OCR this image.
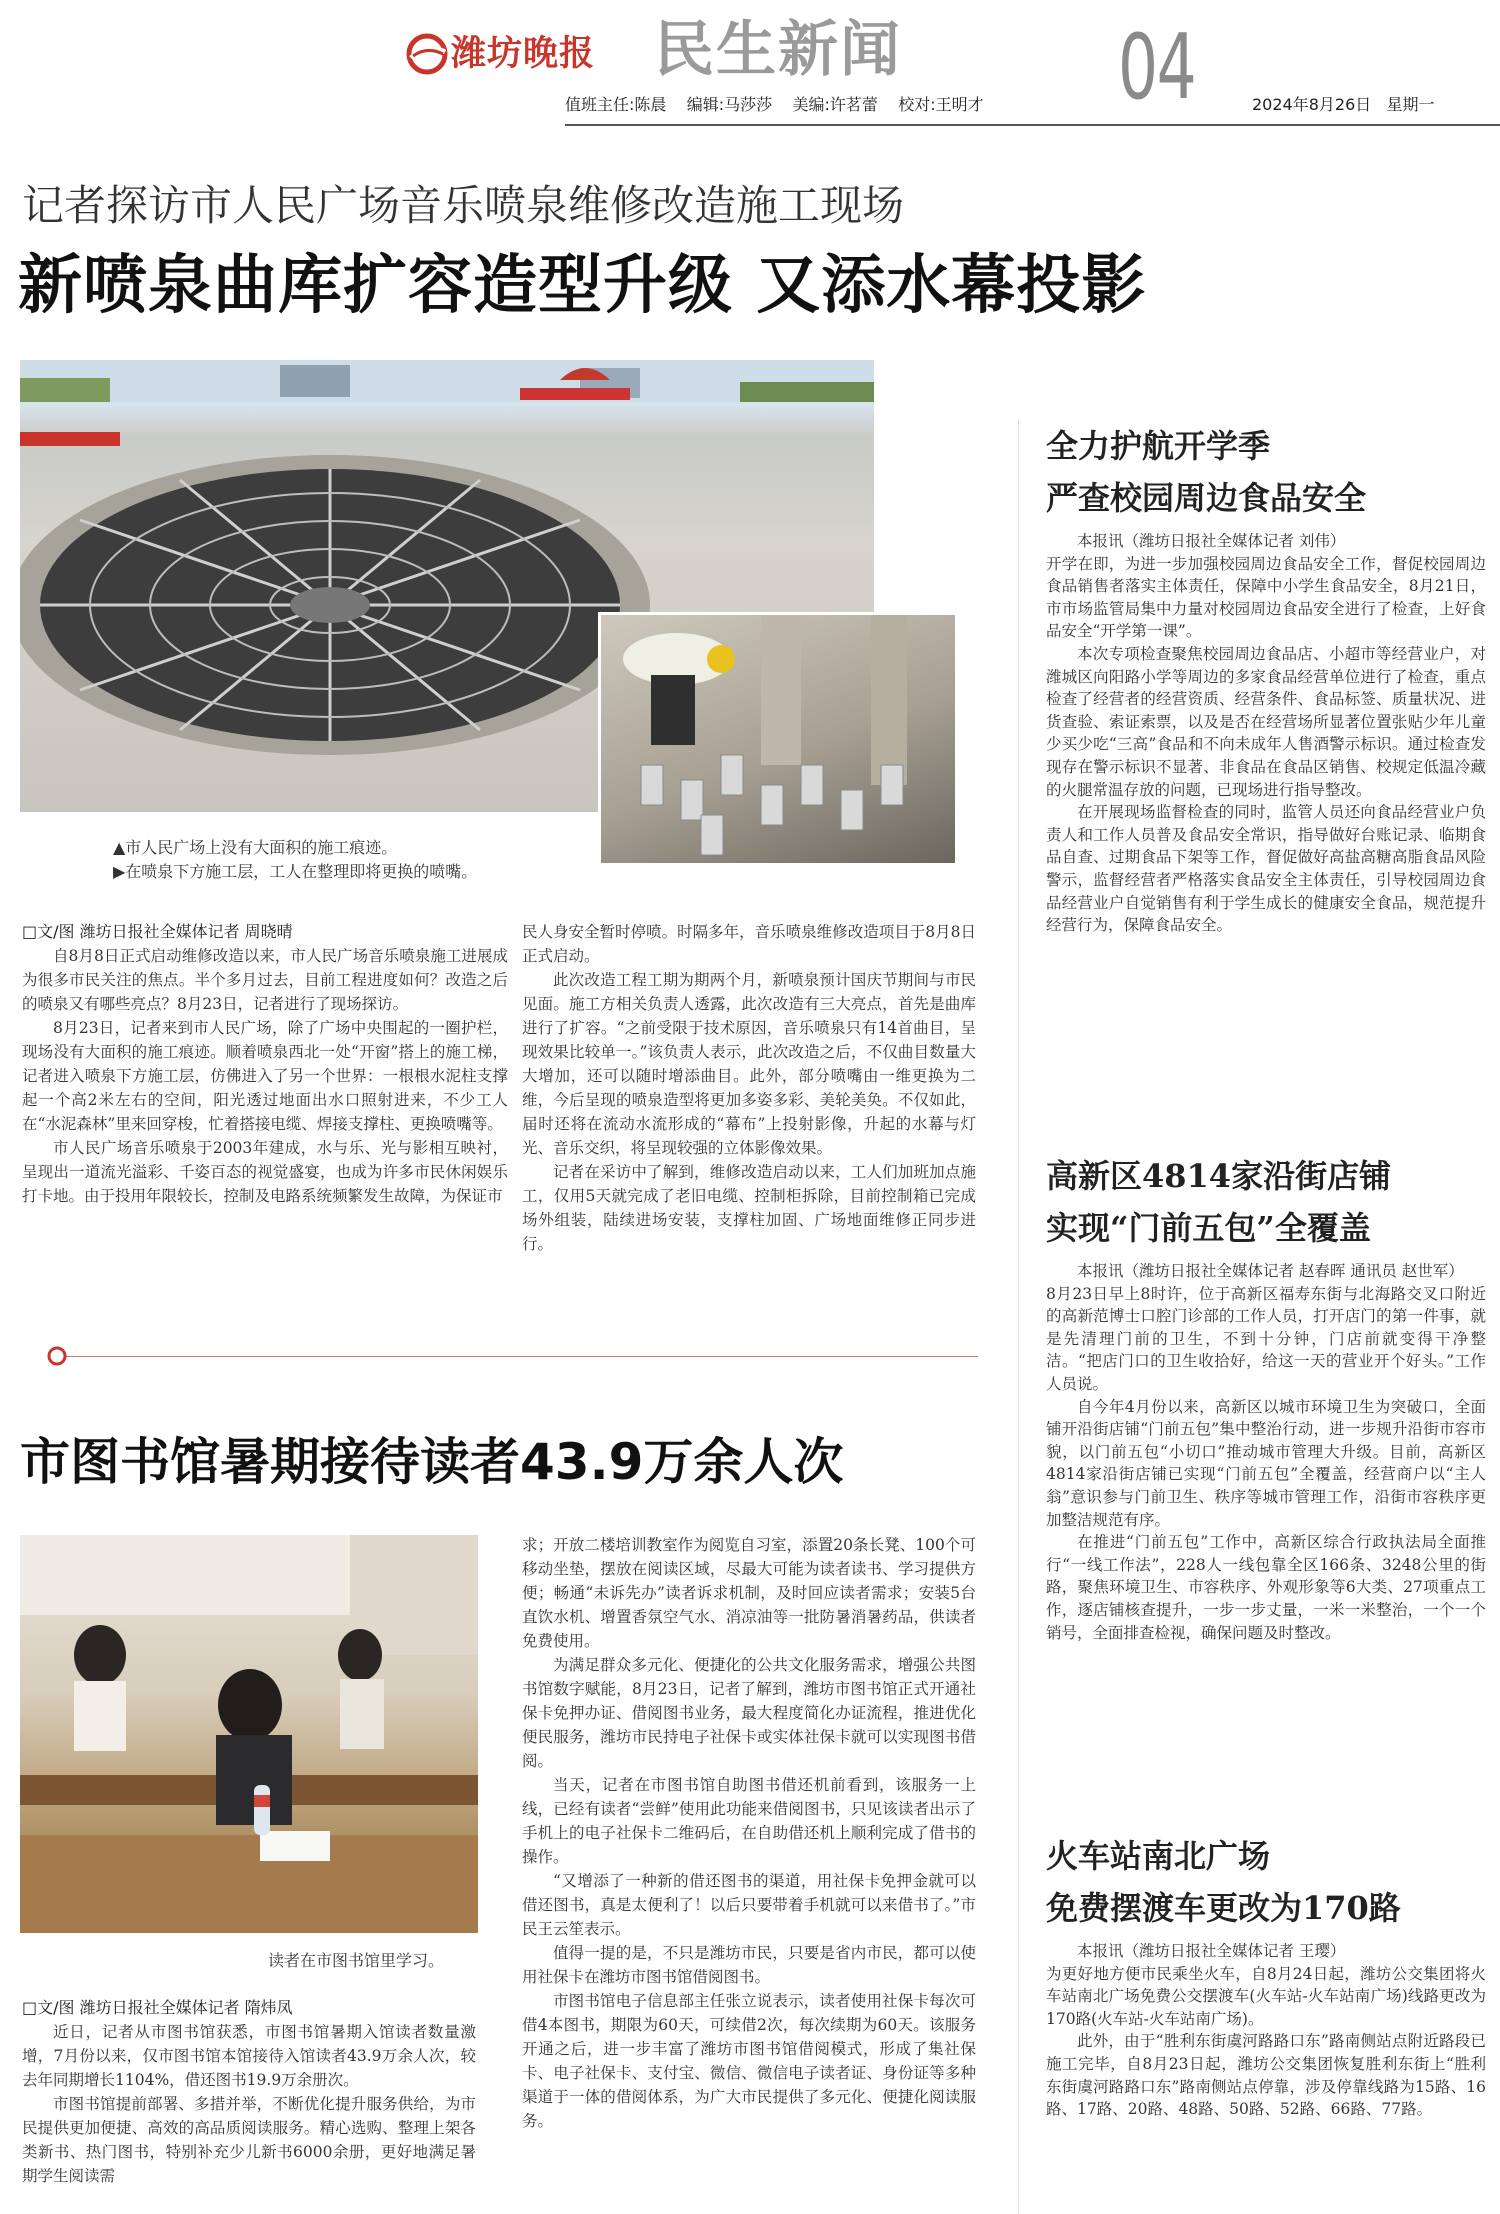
潍坊晚报 民生新闻 04
值班主任:陈晨 编辑:马莎莎 美编:许茗蕾 校对:王明才	2024年8月26日 星期一
记者探访市人民广场音乐喷泉维修改造施工现场
新喷泉曲库扩容造型升级 又添水幕投影
▲市人民广场上没有大面积的施工痕迹。
▶在喷泉下方施工层，工人在整理即将更换的喷嘴。
□文/图 潍坊日报社全媒体记者 周晓晴

自8月8日正式启动维修改造以来，市人民广场音乐喷泉施工进展成为很多市民关注的焦点。半个多月过去，目前工程进度如何？改造之后的喷泉又有哪些亮点？8月23日，记者进行了现场探访。

8月23日，记者来到市人民广场，除了广场中央围起的一圈护栏，现场没有大面积的施工痕迹。顺着喷泉西北一处“开窗”搭上的施工梯，记者进入喷泉下方施工层，仿佛进入了另一个世界：一根根水泥柱支撑起一个高2米左右的空间，阳光透过地面出水口照射进来，不少工人在“水泥森林”里来回穿梭，忙着搭接电缆、焊接支撑柱、更换喷嘴等。

市人民广场音乐喷泉于2003年建成，水与乐、光与影相互映衬，呈现出一道流光溢彩、千姿百态的视觉盛宴，也成为许多市民休闲娱乐打卡地。由于投用年限较长，控制及电路系统频繁发生故障，为保证市

民人身安全暂时停喷。时隔多年，音乐喷泉维修改造项目于8月8日正式启动。

此次改造工程工期为期两个月，新喷泉预计国庆节期间与市民见面。施工方相关负责人透露，此次改造有三大亮点，首先是曲库进行了扩容。“之前受限于技术原因，音乐喷泉只有14首曲目，呈现效果比较单一。”该负责人表示，此次改造之后，不仅曲目数量大大增加，还可以随时增添曲目。此外，部分喷嘴由一维更换为二维，今后呈现的喷泉造型将更加多姿多彩、美轮美奂。不仅如此，届时还将在流动水流形成的“幕布”上投射影像，升起的水幕与灯光、音乐交织，将呈现较强的立体影像效果。

记者在采访中了解到，维修改造启动以来，工人们加班加点施工，仅用5天就完成了老旧电缆、控制柜拆除，目前控制箱已完成场外组装，陆续进场安装，支撑柱加固、广场地面维修正同步进行。

市图书馆暑期接待读者43.9万余人次
读者在市图书馆里学习。
□文/图 潍坊日报社全媒体记者 隋炜凤

近日，记者从市图书馆获悉，市图书馆暑期入馆读者数量激增，7月份以来，仅市图书馆本馆接待入馆读者43.9万余人次，较去年同期增长1104%，借还图书19.9万余册次。

市图书馆提前部署、多措并举，不断优化提升服务供给，为市民提供更加便捷、高效的高品质阅读服务。精心选购、整理上架各类新书、热门图书，特别补充少儿新书6000余册，更好地满足暑期学生阅读需

求；开放二楼培训教室作为阅览自习室，添置20条长凳、100个可移动坐垫，摆放在阅读区域，尽最大可能为读者读书、学习提供方便；畅通“未诉先办”读者诉求机制，及时回应读者需求；安装5台直饮水机、增置香氛空气水、消凉油等一批防暑消暑药品，供读者免费使用。

为满足群众多元化、便捷化的公共文化服务需求，增强公共图书馆数字赋能，8月23日，记者了解到，潍坊市图书馆正式开通社保卡免押办证、借阅图书业务，最大程度简化办证流程，推进优化便民服务，潍坊市民持电子社保卡或实体社保卡就可以实现图书借阅。

当天，记者在市图书馆自助图书借还机前看到，该服务一上线，已经有读者“尝鲜”使用此功能来借阅图书，只见该读者出示了手机上的电子社保卡二维码后，在自助借还机上顺利完成了借书的操作。

“又增添了一种新的借还图书的渠道，用社保卡免押金就可以借还图书，真是太便利了！以后只要带着手机就可以来借书了。”市民王云笙表示。

值得一提的是，不只是潍坊市民，只要是省内市民，都可以使用社保卡在潍坊市图书馆借阅图书。

市图书馆电子信息部主任张立说表示，读者使用社保卡每次可借4本图书，期限为60天，可续借2次，每次续期为60天。该服务开通之后，进一步丰富了潍坊市图书馆借阅模式，形成了集社保卡、电子社保卡、支付宝、微信、微信电子读者证、身份证等多种渠道于一体的借阅体系，为广大市民提供了多元化、便捷化阅读服务。

全力护航开学季
严查校园周边食品安全

本报讯（潍坊日报社全媒体记者 刘伟）

开学在即，为进一步加强校园周边食品安全工作，督促校园周边食品销售者落实主体责任，保障中小学生食品安全，8月21日，市市场监管局集中力量对校园周边食品安全进行了检查，上好食品安全“开学第一课”。

本次专项检查聚焦校园周边食品店、小超市等经营业户，对潍城区向阳路小学等周边的多家食品经营单位进行了检查，重点检查了经营者的经营资质、经营条件、食品标签、质量状况、进货查验、索证索票，以及是否在经营场所显著位置张贴少年儿童少买少吃“三高”食品和不向未成年人售酒警示标识。通过检查发现存在警示标识不显著、非食品在食品区销售、校规定低温冷藏的火腿常温存放的问题，已现场进行指导整改。

在开展现场监督检查的同时，监管人员还向食品经营业户负责人和工作人员普及食品安全常识，指导做好台账记录、临期食品自查、过期食品下架等工作，督促做好高盐高糖高脂食品风险警示，监督经营者严格落实食品安全主体责任，引导校园周边食品经营业户自觉销售有利于学生成长的健康安全食品，规范提升经营行为，保障食品安全。

高新区4814家沿街店铺
实现“门前五包”全覆盖

本报讯（潍坊日报社全媒体记者 赵春晖 通讯员 赵世军）

8月23日早上8时许，位于高新区福寿东街与北海路交叉口附近的高新范博士口腔门诊部的工作人员，打开店门的第一件事，就是先清理门前的卫生，不到十分钟，门店前就变得干净整洁。“把店门口的卫生收拾好，给这一天的营业开个好头。”工作人员说。

自今年4月份以来，高新区以城市环境卫生为突破口，全面铺开沿街店铺“门前五包”集中整治行动，进一步规升沿街市容市貌，以门前五包“小切口”推动城市管理大升级。目前，高新区4814家沿街店铺已实现“门前五包”全覆盖，经营商户以“主人翁”意识参与门前卫生、秩序等城市管理工作，沿街市容秩序更加整洁规范有序。

在推进“门前五包”工作中，高新区综合行政执法局全面推行“一线工作法”，228人一线包靠全区166条、3248公里的街路，聚焦环境卫生、市容秩序、外观形象等6大类、27项重点工作，逐店铺核查提升，一步一步丈量，一米一米整治，一个一个销号，全面排查检视，确保问题及时整改。

火车站南北广场
免费摆渡车更改为170路

本报讯（潍坊日报社全媒体记者 王璎）

为更好地方便市民乘坐火车，自8月24日起，潍坊公交集团将火车站南北广场免费公交摆渡车(火车站-火车站南广场)线路更改为170路(火车站-火车站南广场)。

此外，由于“胜利东街虞河路路口东”路南侧站点附近路段已施工完毕，自8月23日起，潍坊公交集团恢复胜利东街上“胜利东街虞河路路口东”路南侧站点停靠，涉及停靠线路为15路、16路、17路、20路、48路、50路、52路、66路、77路。
